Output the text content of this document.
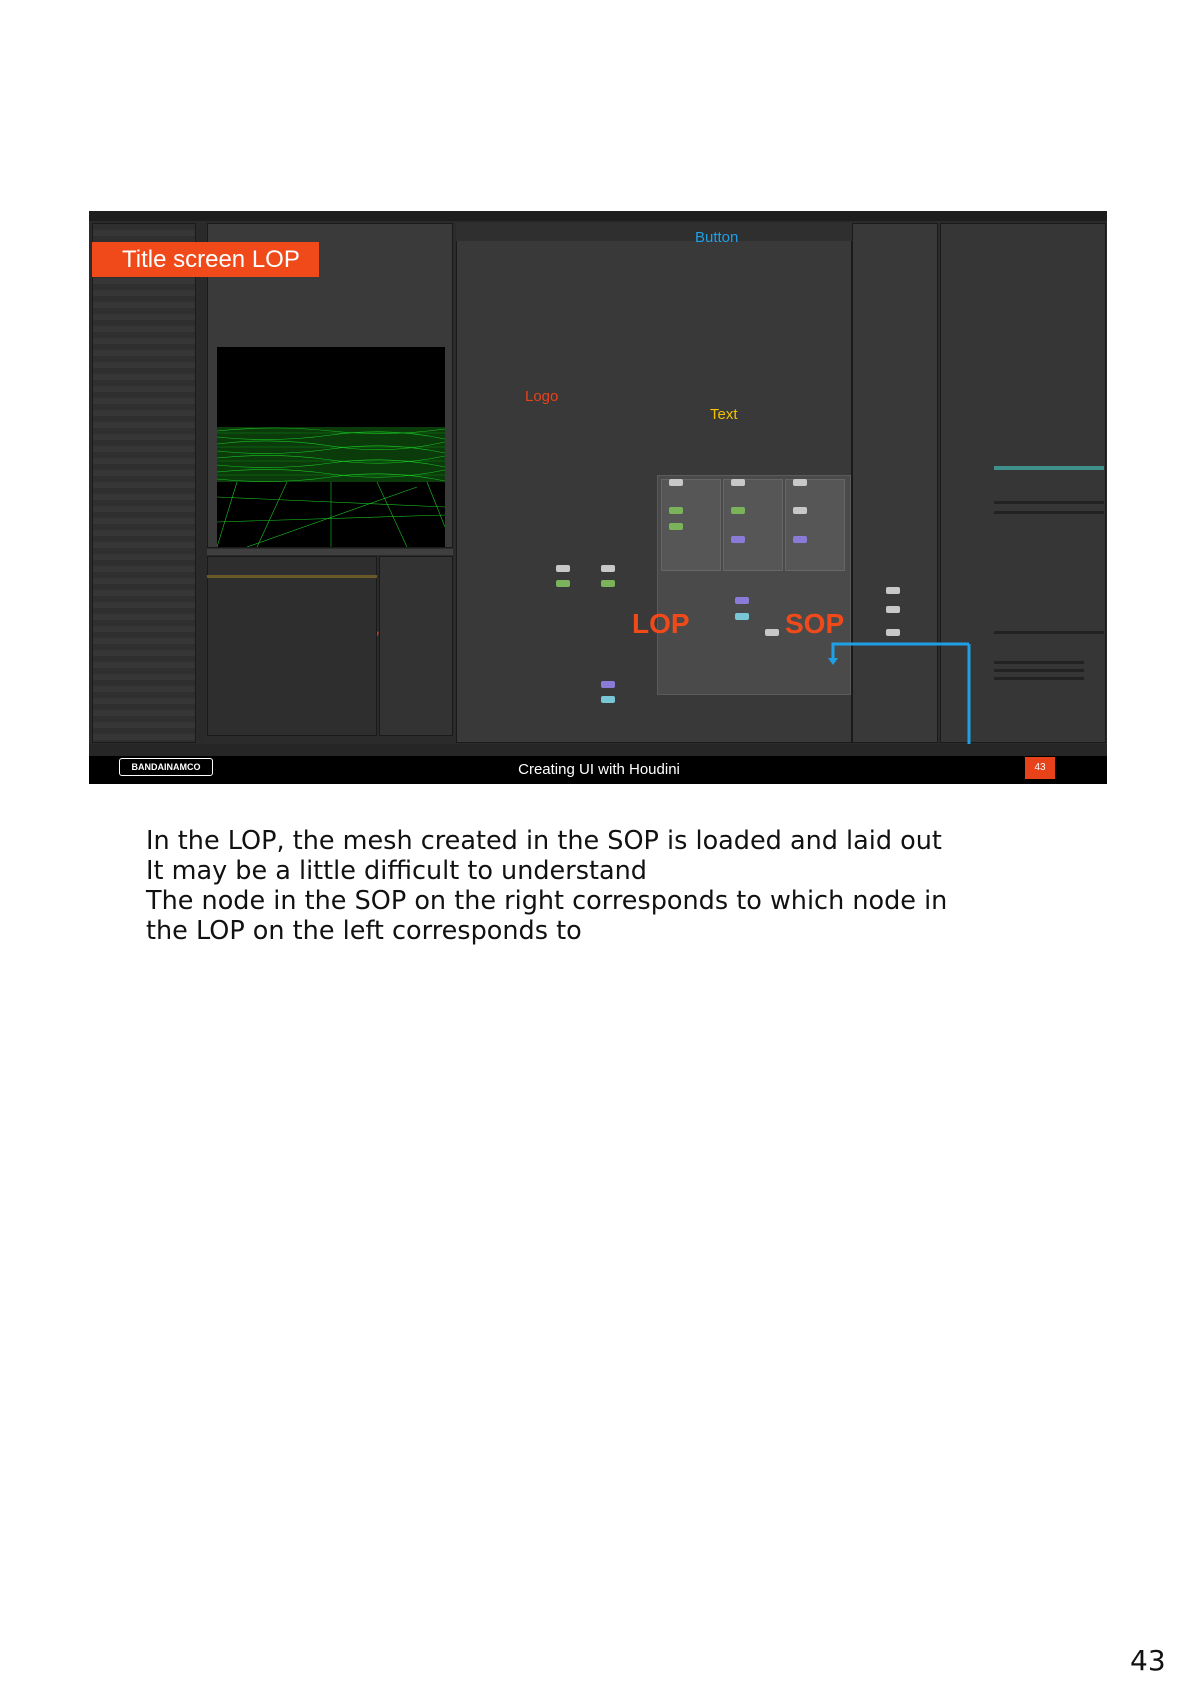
Button
Logo
Text
LOP	SOP
Title screen LOP
BANDAINAMCO	Creating UI with Houdini	43
In the LOP, the mesh created in the SOP is loaded and laid out
It may be a little difficult to understand
The node in the SOP on the right corresponds to which node in
the LOP on the left corresponds to
43
